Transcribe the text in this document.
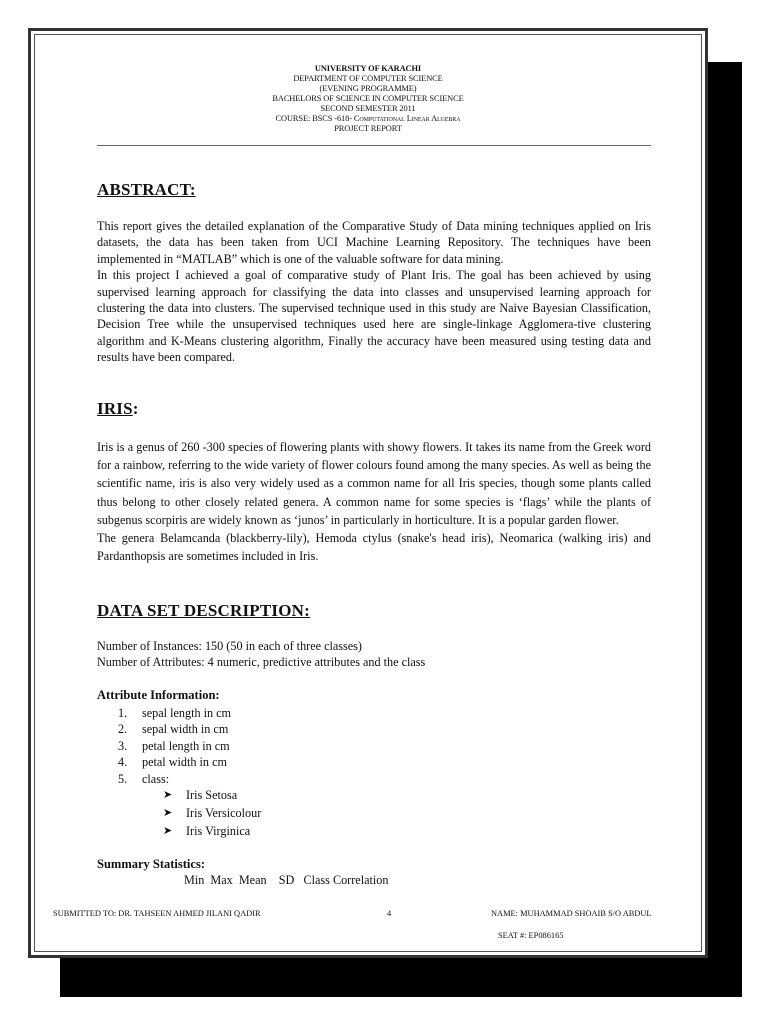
UNIVERSITY OF KARACHI
DEPARTMENT OF COMPUTER SCIENCE
(EVENING PROGRAMME)
BACHELORS OF SCIENCE IN COMPUTER SCIENCE
SECOND SEMESTER 2011
COURSE: BSCS -618- Computational Linear Algebra
PROJECT REPORT
ABSTRACT:

This report gives the detailed explanation of the Comparative Study of Data mining techniques applied on Iris datasets, the data has been taken from UCI Machine Learning Repository. The techniques have been implemented in “MATLAB” which is one of the valuable software for data mining.

In this project I achieved a goal of comparative study of Plant Iris. The goal has been achieved by using supervised learning approach for classifying the data into classes and unsupervised learning approach for clustering the data into clusters. The supervised technique used in this study are Naive Bayesian Classification, Decision Tree while the unsupervised techniques used here are single-linkage Agglomera-tive clustering algorithm and K-Means clustering algorithm, Finally the accuracy have been measured using testing data and results have been compared.

IRIS:

Iris is a genus of 260 -300 species of flowering plants with showy flowers. It takes its name from the Greek word for a rainbow, referring to the wide variety of flower colours found among the many species. As well as being the scientific name, iris is also very widely used as a common name for all Iris species, though some plants called thus belong to other closely related genera. A common name for some species is ‘flags’ while the plants of subgenus scorpiris are widely known as ‘junos’ in particularly in horticulture. It is a popular garden flower.

The genera Belamcanda (blackberry-lily), Hemoda ctylus (snake's head iris), Neomarica (walking iris) and Pardanthopsis are sometimes included in Iris.

DATA SET DESCRIPTION:

Number of Instances: 150 (50 in each of three classes)

Number of Attributes: 4 numeric, predictive attributes and the class

Attribute Information:

1. sepal length in cm
2. sepal width in cm
3. petal length in cm
4. petal width in cm
5. class:
➤ Iris Setosa
➤ Iris Versicolour
➤ Iris Virginica

Summary Statistics:

Min  Max  Mean    SD   Class Correlation
SUBMITTED TO: DR. TAHSEEN AHMED JILANI QADIR	4	NAME: MUHAMMAD SHOAIB S/O ABDUL
SEAT #: EP086165
